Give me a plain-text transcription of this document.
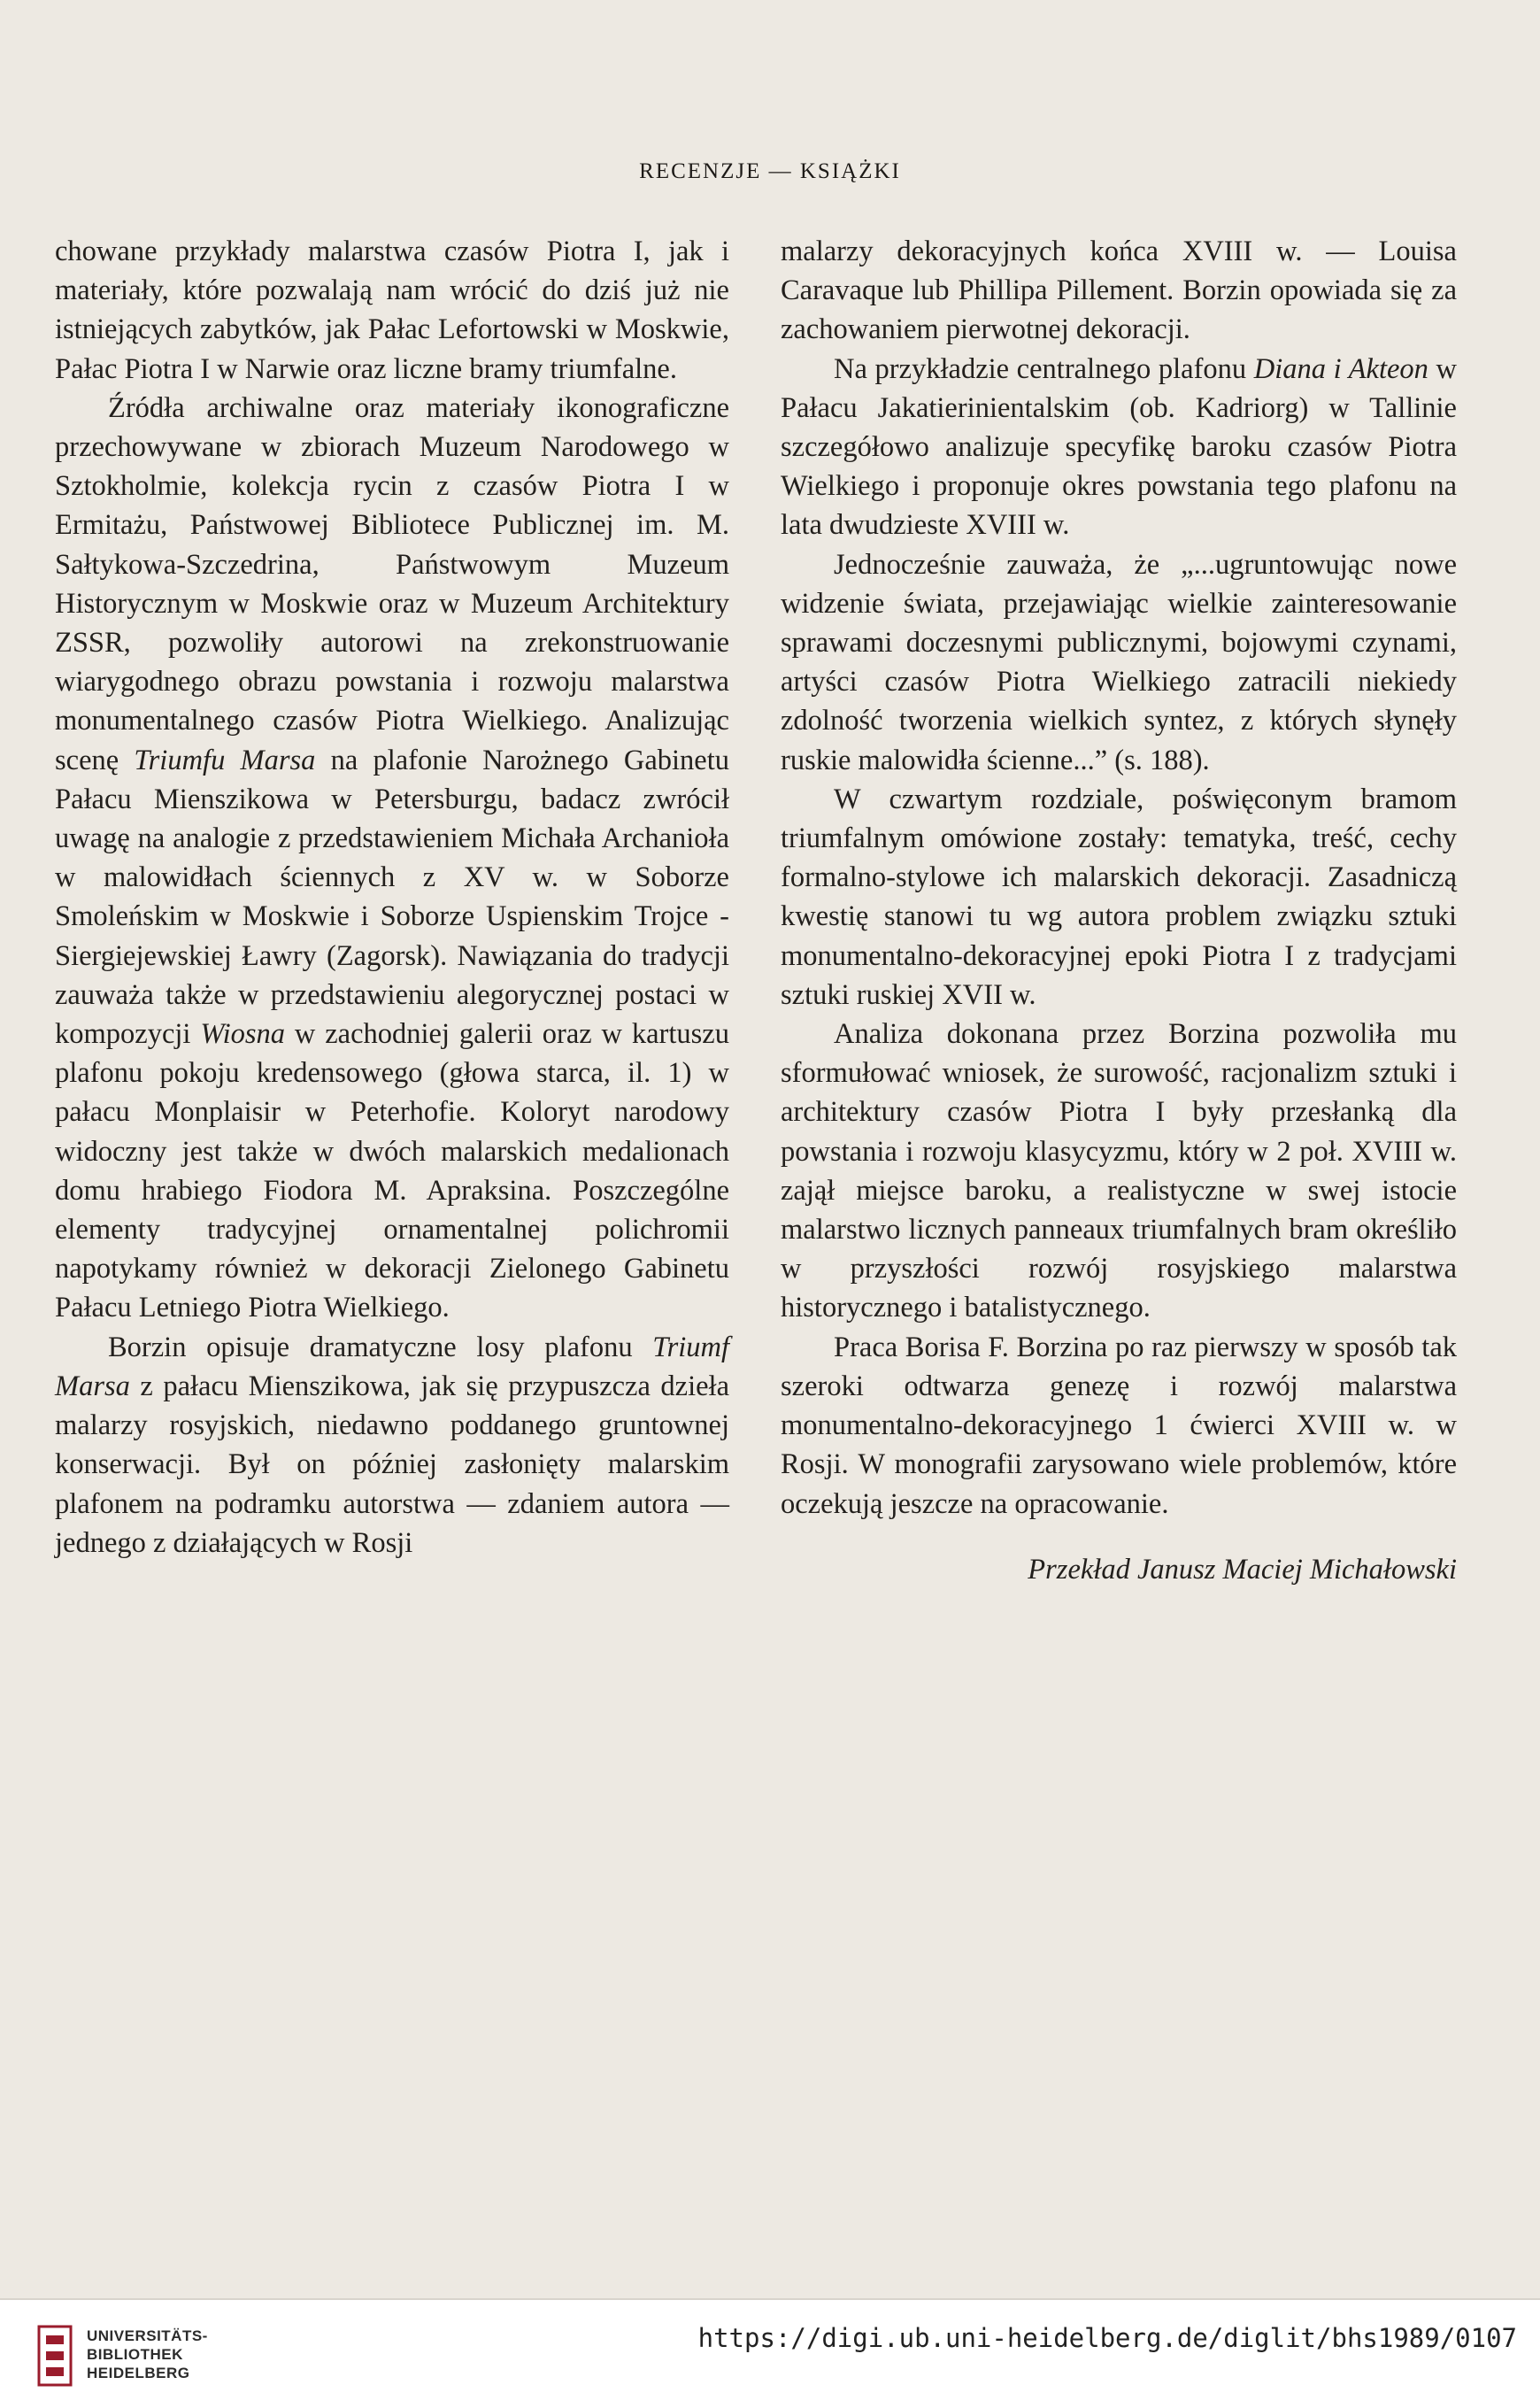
RECENZJE — KSIĄŻKI

chowane przykłady malarstwa czasów Piotra I, jak i materiały, które pozwalają nam wrócić do dziś już nie istniejących zabytków, jak Pałac Lefortowski w Moskwie, Pałac Piotra I w Narwie oraz liczne bramy triumfalne.

Źródła archiwalne oraz materiały ikonograficzne przechowywane w zbiorach Muzeum Narodowego w Sztokholmie, kolekcja rycin z czasów Piotra I w Ermitażu, Państwowej Bibliotece Publicznej im. M. Sałtykowa-Szczedrina, Państwowym Muzeum Historycznym w Moskwie oraz w Muzeum Architektury ZSSR, pozwoliły autorowi na zrekonstruowanie wiarygodnego obrazu powstania i rozwoju malarstwa monumentalnego czasów Piotra Wielkiego. Analizując scenę Triumfu Marsa na plafonie Narożnego Gabinetu Pałacu Mienszikowa w Petersburgu, badacz zwrócił uwagę na analogie z przedstawieniem Michała Archanioła w malowidłach ściennych z XV w. w Soborze Smoleńskim w Moskwie i Soborze Uspienskim Trojce - Siergiejewskiej Ławry (Zagorsk). Nawiązania do tradycji zauważa także w przedstawieniu alegorycznej postaci w kompozycji Wiosna w zachodniej galerii oraz w kartuszu plafonu pokoju kredensowego (głowa starca, il. 1) w pałacu Monplaisir w Peterhofie. Koloryt narodowy widoczny jest także w dwóch malarskich medalionach domu hrabiego Fiodora M. Apraksina. Poszczególne elementy tradycyjnej ornamentalnej polichromii napotykamy również w dekoracji Zielonego Gabinetu Pałacu Letniego Piotra Wielkiego.

Borzin opisuje dramatyczne losy plafonu Triumf Marsa z pałacu Mienszikowa, jak się przypuszcza dzieła malarzy rosyjskich, niedawno poddanego gruntownej konserwacji. Był on później zasłonięty malarskim plafonem na podramku autorstwa — zdaniem autora — jednego z działających w Rosji

malarzy dekoracyjnych końca XVIII w. — Louisa Caravaque lub Phillipa Pillement. Borzin opowiada się za zachowaniem pierwotnej dekoracji.

Na przykładzie centralnego plafonu Diana i Akteon w Pałacu Jakatierinientalskim (ob. Kadriorg) w Tallinie szczegółowo analizuje specyfikę baroku czasów Piotra Wielkiego i proponuje okres powstania tego plafonu na lata dwudzieste XVIII w.

Jednocześnie zauważa, że „...ugruntowując nowe widzenie świata, przejawiając wielkie zainteresowanie sprawami doczesnymi publicznymi, bojowymi czynami, artyści czasów Piotra Wielkiego zatracili niekiedy zdolność tworzenia wielkich syntez, z których słynęły ruskie malowidła ścienne...” (s. 188).

W czwartym rozdziale, poświęconym bramom triumfalnym omówione zostały: tematyka, treść, cechy formalno-stylowe ich malarskich dekoracji. Zasadniczą kwestię stanowi tu wg autora problem związku sztuki monumentalno-dekoracyjnej epoki Piotra I z tradycjami sztuki ruskiej XVII w.

Analiza dokonana przez Borzina pozwoliła mu sformułować wniosek, że surowość, racjonalizm sztuki i architektury czasów Piotra I były przesłanką dla powstania i rozwoju klasycyzmu, który w 2 poł. XVIII w. zajął miejsce baroku, a realistyczne w swej istocie malarstwo licznych panneaux triumfalnych bram określiło w przyszłości rozwój rosyjskiego malarstwa historycznego i batalistycznego.

Praca Borisa F. Borzina po raz pierwszy w sposób tak szeroki odtwarza genezę i rozwój malarstwa monumentalno-dekoracyjnego 1 ćwierci XVIII w. w Rosji. W monografii zarysowano wiele problemów, które oczekują jeszcze na opracowanie.

Przekład Janusz Maciej Michałowski

UNIVERSITÄTS-
BIBLIOTHEK
HEIDELBERG
https://digi.ub.uni-heidelberg.de/diglit/bhs1989/0107
